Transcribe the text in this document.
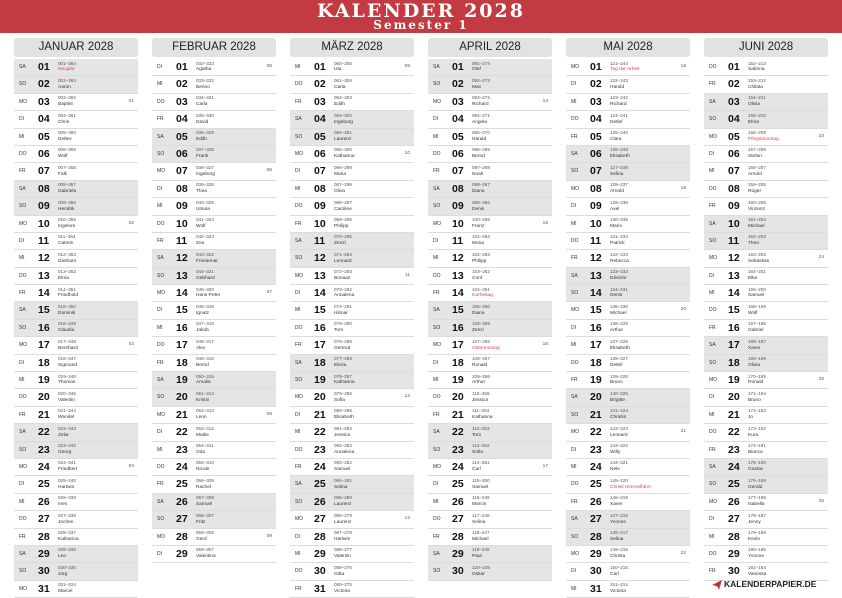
KALENDER 2028
Semester 1
JANUAR 2028
SA	01 001–364
Neujahr
SO	02 002–363
Aaron
MO	03 003–362
Baptist
01
DI	04 004–361
Chris
MI	05 005–360
Detlev
DO	06 006–359
Wolf
FR	07 007–358
Falk
SA	08 008–357
Gabriela
SO	09 009–356
Hendrik
MO	10 010–355
Ingelore
02
DI	11 011–354
Catrein
MI	12 012–353
Dietharo
DO	13 013–352
Elma
FR	14 014–351
Friedhold
SA	15 015–350
Dominik
SO	16 016–349
Claudia
MO	17 017–348
Bernhard
03
DI	18 018–347
Sigmund
MI	19 019–346
Thomas
DO	20 020–345
Valentin
FR	21 021–344
Wendel
SA	22 022–343
Zelia
SO	23 023–342
Georg
MO	24 024–341
Friedbert
04
DI	25 025–340
Hartwin
MI	26 026–339
Ines
DO	27 027–338
Jochen
FR	28 028–337
Katharina
SA	29 029–336
Leo
SO	30 030–335
Jörg
MO	31 031–334
Marcel
FEBRUAR 2028
DI	01 032–333
Agatha
05
MI	02 033–332
Benno
DO	03 034–331
Carla
FR	04 035–330
David
SA	05 036–329
Edith
SO	06 037–328
Frank
MO	07 038–327
Ingeborg
06
DI	08 039–326
Thea
MI	09 040–325
Ursula
DO	10 041–324
Wolf
FR	11 042–323
Zoe
SA	12 043–322
Friedemar
SO	13 044–321
Gebhard
MO	14 045–320
Hans-Peter
07
DI	15 046–319
Ignatz
MI	16 047–318
Jakob
DO	17 048–317
Alex
FR	18 049–316
Bernd
SA	19 050–315
Amalia
SO	20 051–314
Kristin
MO	21 052–313
Leon
08
DI	22 053–312
Maike
MI	23 054–311
Oda
DO	24 055–310
Nicole
FR	25 056–309
Rachel
SA	26 057–308
Samuel
SO	27 058–307
Fritz
MO	28 059–306
Gerd
09
DI	29 059–307
Valentina
MÄRZ 2028
MI	01 060–305
Uta
09
DO	02 061–304
Carla
FR	03 062–303
Edith
SA	04 063–302
Ingeborg
SO	05 064–301
Laurenz
MO	06 065–300
Katharina
10
DI	07 066–299
Maria
MI	08 067–298
Oliva
DO	09 068–297
Caroline
FR	10 069–296
Philipp
SA	11 070–295
Zenzi
SO	12 071–294
Leonard
MO	13 072–293
Bonaaz
11
DI	14 073–292
Annalena
MI	15 074–291
Hilmar
DO	16 075–290
Tom
FR	17 076–289
Gertrud
SA	18 077–288
Eleria
SO	19 078–287
Katharina
MO	20 079–286
Sofia
12
DI	21 080–285
Elisabeth
MI	22 081–284
Jessica
DO	23 082–283
Annalena
FR	24 083–282
Samuel
SA	25 084–281
Selina
SO	26 085–280
Laurenz
MO	27 086–279
Laurenz
13
DI	28 087–278
Hartwin
MI	29 088–277
Valentin
DO	30 089–276
Gitta
FR	31 090–275
Victoria
APRIL 2028
SA	01 091–274
Olaf
SO	02 092–273
Max
MO	03 093–272
Richard
14
DI	04 094–271
Angela
MI	05 095–270
Harald
DO	06 096–269
Bernd
FR	07 097–268
Noah
SA	08 098–267
Diana
SO	09 099–266
Denis
MO	10 100–265
Franz
15
DI	11 101–264
Mona
MI	12 102–263
Philipp
DO	13 103–262
Conf
FR	14 104–261
Karfreitag
SA	15 105–260
Diana
SO	16 106–259
Zenzi
MO	17 107–258
Ostermontag
16
DI	18 108–257
Ronald
MI	19 109–256
Arthur
DO	20 110–255
Jessica
FR	21 111–254
Katharina
SA	22 112–253
Tom
SO	23 113–252
Sofia
MO	24 114–251
Carl
17
DI	25 115–250
Samuel
MI	26 116–249
Marcin
DO	27 117–248
Selina
FR	28 118–247
Michael
SA	29 119–246
Paul
SO	30 120–245
Oskar
MAI 2028
MO	01 121–244
Tag der Arbeit
18
DI	02 122–243
Harald
MI	03 123–242
Richard
DO	04 124–241
Detlef
FR	05 125–240
Clara
SA	06 126–239
Elisabeth
SO	07 127–238
Selina
MO	08 128–237
Arnold
19
DI	09 129–236
Axel
MI	10 130–235
Mario
DO	11 131–234
Patrick
FR	12 132–233
Rebecca
SA	13 133–232
Désirée
SO	14 134–231
Denis
MO	15 135–230
Michael
20
DI	16 136–229
Arthur
MI	17 137–228
Elisabeth
DO	18 138–227
Detlef
FR	19 139–226
Bruno
SA	20 140–225
Brigitte
SO	21 141–224
Christin
MO	22 142–223
Leonard
21
DI	23 143–222
Willy
MI	24 144–221
Nele
DO	25 145–220
Christi Himmelfahrt
FR	26 146–219
Xaver
SA	27 147–218
Yvonne
SO	28 148–217
Selina
MO	29 149–216
Christa
22
DI	30 150–215
Carl
MI	31 151–214
Victoria
JUNI 2028
DO	01 152–213
Sabrina
FR	02 153–212
Chilata
SA	03 154–211
Olivia
SO	04 155–210
Elma
MO	05 156–209
Pfingstmontag
23
DI	06 157–208
Stefan
MI	07 158–207
Arnold
DO	08 159–206
Roger
FR	09 160–205
Vinzenz
SA	10 161–204
Michael
SO	11 162–203
Theo
MO	12 163–202
Sebastian
24
DI	13 164–201
Elke
MI	14 165–200
Samuel
DO	15 166–199
Wolf
FR	16 167–198
Gabriel
SA	17 168–197
Xaver
SO	18 169–196
Olivia
MO	19 170–195
Ronald
25
DI	20 171–194
Bruno
MI	21 172–193
Jo
DO	22 173–192
Kura
FR	23 174–191
Bianca
SA	24 175–190
Gustav
SO	25 176–189
Gerald
MO	26 177–188
Isabella
26
DI	27 178–187
Jenny
MI	28 179–186
Kevin
DO	29 180–185
Yvonne
FR	30 181–184
Vanessa
KALENDERPAPIER.DE
